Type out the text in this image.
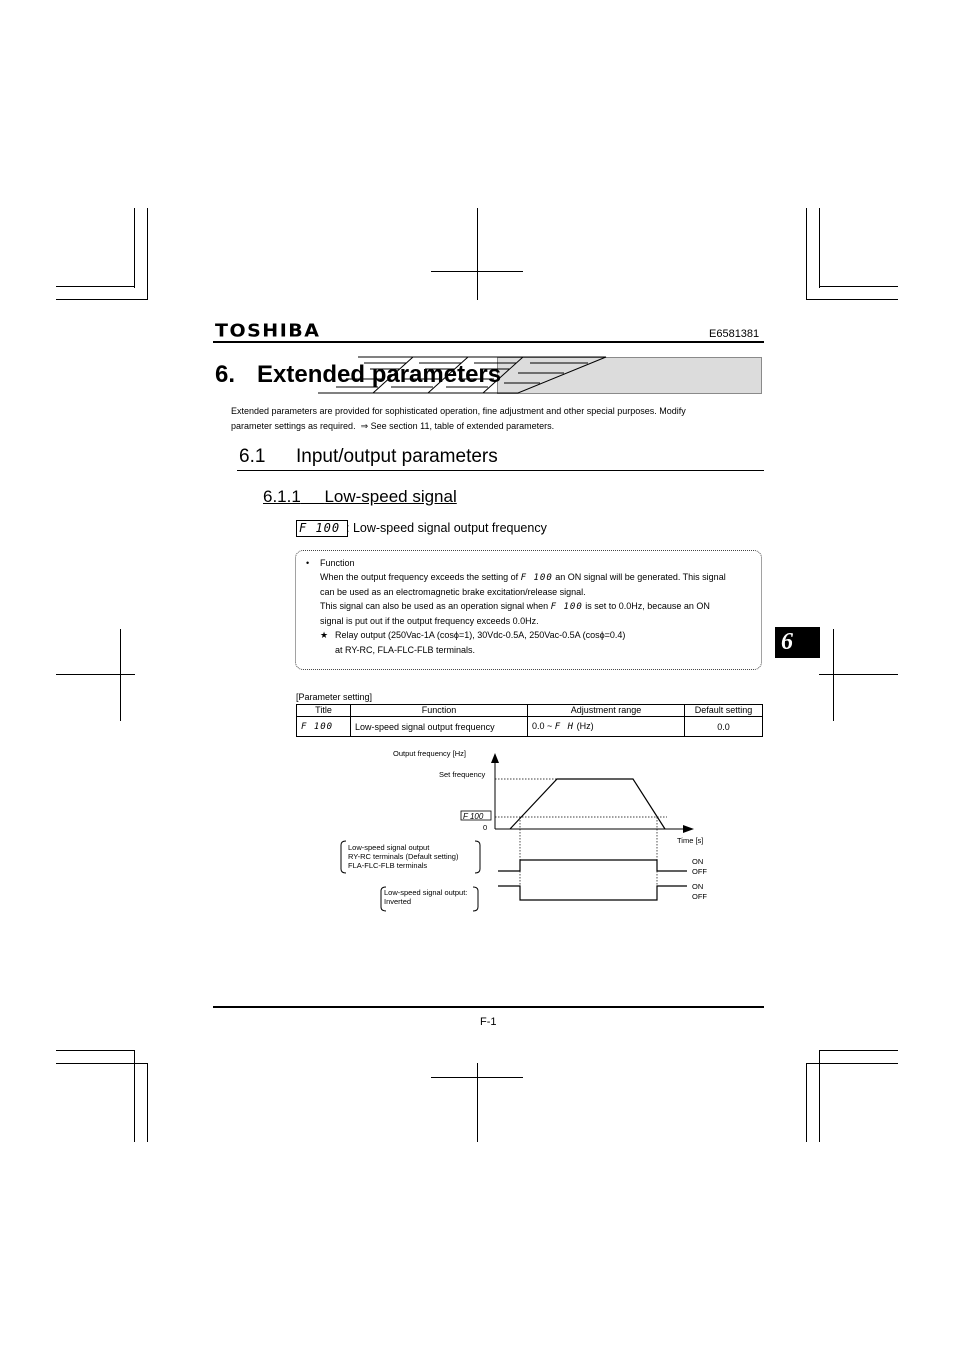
TOSHIBA	E6581381
6. Extended parameters
Extended parameters are provided for sophisticated operation, fine adjustment and other special purposes. Modify
parameter settings as required. ⇒ See section 11, table of extended parameters.
6.1 Input/output parameters
6.1.1 Low-speed signal
F 100 : Low-speed signal output frequency
• Function
When the output frequency exceeds the setting of F 100 an ON signal will be generated. This signal
can be used as an electromagnetic brake excitation/release signal.
This signal can also be used as an operation signal when F 100 is set to 0.0Hz, because an ON
signal is put out if the output frequency exceeds 0.0Hz.
★ Relay output (250Vac-1A (cosϕ=1), 30Vdc-0.5A, 250Vac-0.5A (cosϕ=0.4)
at RY-RC, FLA-FLC-FLB terminals.	6
[Parameter setting]
Title	Function	Adjustment range	Default setting
F 100	Low-speed signal output frequency	0.0 ~ F H (Hz)	0.0
Output frequency [Hz]
Set frequency
0
Time [s]
Low-speed signal output
RY-RC terminals (Default setting)
FLA-FLC-FLB terminals	ON
OFF
Low-speed signal output:
Inverted
ON
OFF
F 100
F-1
